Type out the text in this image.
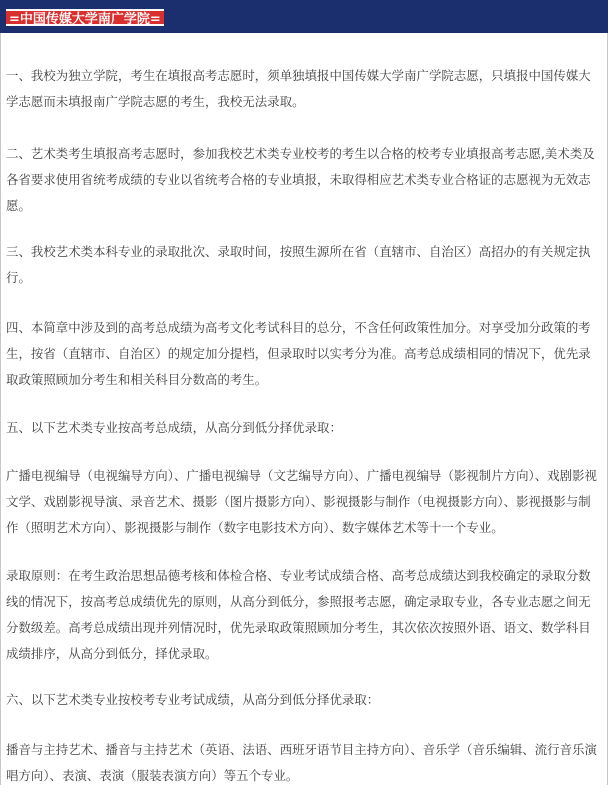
=中国传媒大学南广学院=

一、我校为独立学院，考生在填报高考志愿时，须单独填报中国传媒大学南广学院志愿，只填报中国传媒大学志愿而未填报南广学院志愿的考生，我校无法录取。

二、艺术类考生填报高考志愿时，参加我校艺术类专业校考的考生以合格的校考专业填报高考志愿,美术类及各省要求使用省统考成绩的专业以省统考合格的专业填报，未取得相应艺术类专业合格证的志愿视为无效志愿。

三、我校艺术类本科专业的录取批次、录取时间，按照生源所在省（直辖市、自治区）高招办的有关规定执行。

四、本简章中涉及到的高考总成绩为高考文化考试科目的总分，不含任何政策性加分。对享受加分政策的考生，按省（直辖市、自治区）的规定加分提档，但录取时以实考分为准。高考总成绩相同的情况下，优先录取政策照顾加分考生和相关科目分数高的考生。

五、以下艺术类专业按高考总成绩，从高分到低分择优录取：

广播电视编导（电视编导方向）、广播电视编导（文艺编导方向）、广播电视编导（影视制片方向）、戏剧影视文学、戏剧影视导演、录音艺术、摄影（图片摄影方向）、影视摄影与制作（电视摄影方向）、影视摄影与制作（照明艺术方向）、影视摄影与制作（数字电影技术方向）、数字媒体艺术等十一个专业。

录取原则：在考生政治思想品德考核和体检合格、专业考试成绩合格、高考总成绩达到我校确定的录取分数线的情况下，按高考总成绩优先的原则，从高分到低分，参照报考志愿，确定录取专业，各专业志愿之间无分数级差。高考总成绩出现并列情况时，优先录取政策照顾加分考生，其次依次按照外语、语文、数学科目成绩排序，从高分到低分，择优录取。

六、以下艺术类专业按校考专业考试成绩，从高分到低分择优录取：

播音与主持艺术、播音与主持艺术（英语、法语、西班牙语节目主持方向）、音乐学（音乐编辑、流行音乐演唱方向）、表演、表演（服装表演方向）等五个专业。
